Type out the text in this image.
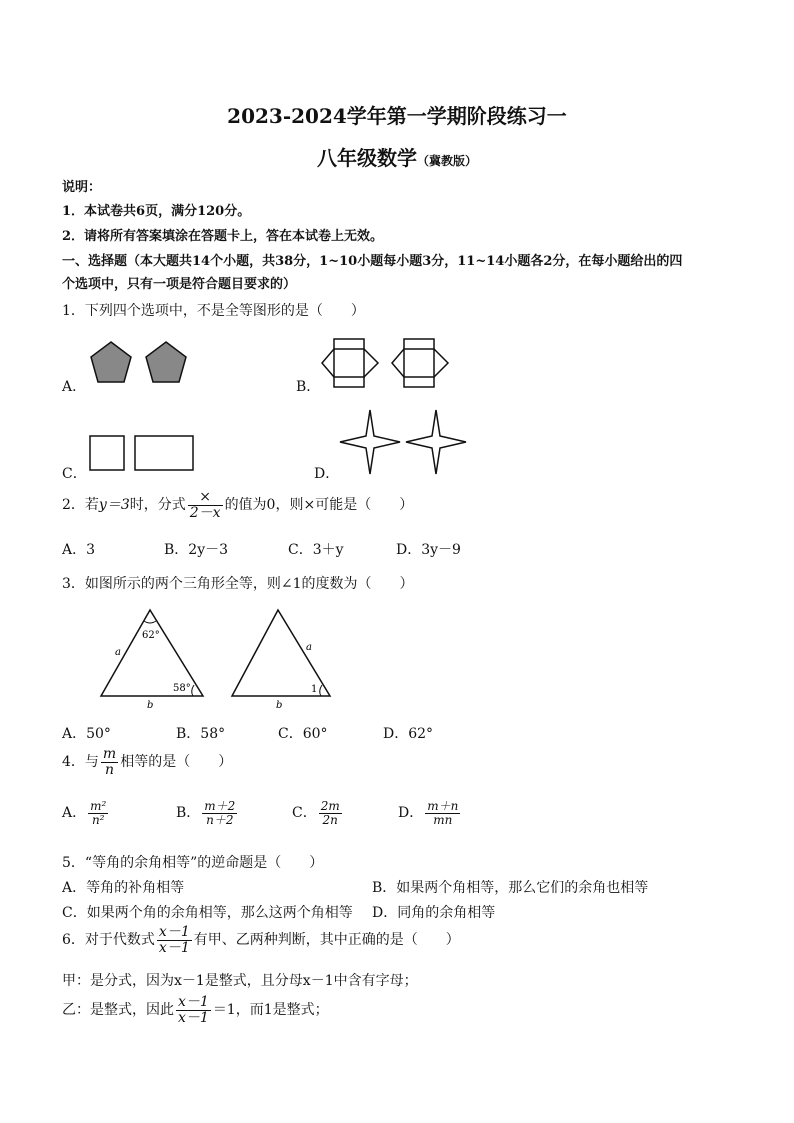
2023-2024学年第一学期阶段练习一
八年级数学（冀教版）
说明：
1．本试卷共6页，满分120分。
2．请将所有答案填涂在答题卡上，答在本试卷上无效。
一、选择题（本大题共14个小题，共38分，1~10小题每小题3分，11~14小题各2分，在每小题给出的四
个选项中，只有一项是符合题目要求的）
1．下列四个选项中，不是全等图形的是（　　）
A．	B．
C．	D．
2．若y＝3时，分式 $\frac{\times}{2-x}$ 的值为0，则×可能是（　　）
A．3	B．2y－3	C．3＋y	D．3y－9
3．如图所示的两个三角形全等，则∠1的度数为（　　）
62°
58°
a
b
a
b
1
A．50°	B．58°	C．60°	D．62°
4．与 $\frac{m}{n}$ 相等的是（　　）
A． $\frac{\text{m²}}{\text{n²}}$	B． $\frac{m+2}{n+2}$	C． $\frac{2m}{2n}$	D． $\frac{m+n}{mn}$
5．“等角的余角相等”的逆命题是（　　）
A．等角的补角相等	B．如果两个角相等，那么它们的余角也相等
C．如果两个角的余角相等，那么这两个角相等 D．同角的余角相等
6．对于代数式 $\frac{x-1}{x-1}$ 有甲、乙两种判断，其中正确的是（　　）
甲：是分式，因为x－1是整式，且分母x－1中含有字母；
乙：是整式，因此 $\frac{x-1}{x-1} =1$，而1是整式；
